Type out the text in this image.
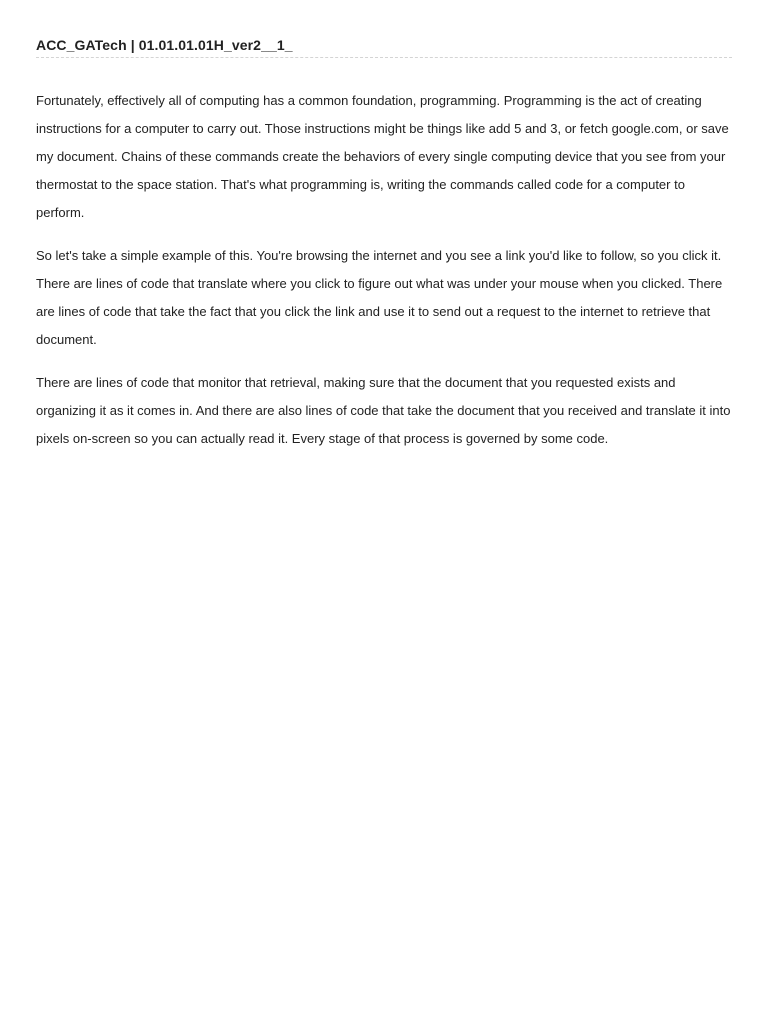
ACC_GATech | 01.01.01.01H_ver2__1_

Fortunately, effectively all of computing has a common foundation, programming. Programming is the act of creating instructions for a computer to carry out. Those instructions might be things like add 5 and 3, or fetch google.com, or save my document. Chains of these commands create the behaviors of every single computing device that you see from your thermostat to the space station. That's what programming is, writing the commands called code for a computer to perform.

So let's take a simple example of this. You're browsing the internet and you see a link you'd like to follow, so you click it. There are lines of code that translate where you click to figure out what was under your mouse when you clicked. There are lines of code that take the fact that you click the link and use it to send out a request to the internet to retrieve that document.

There are lines of code that monitor that retrieval, making sure that the document that you requested exists and organizing it as it comes in. And there are also lines of code that take the document that you received and translate it into pixels on-screen so you can actually read it. Every stage of that process is governed by some code.
